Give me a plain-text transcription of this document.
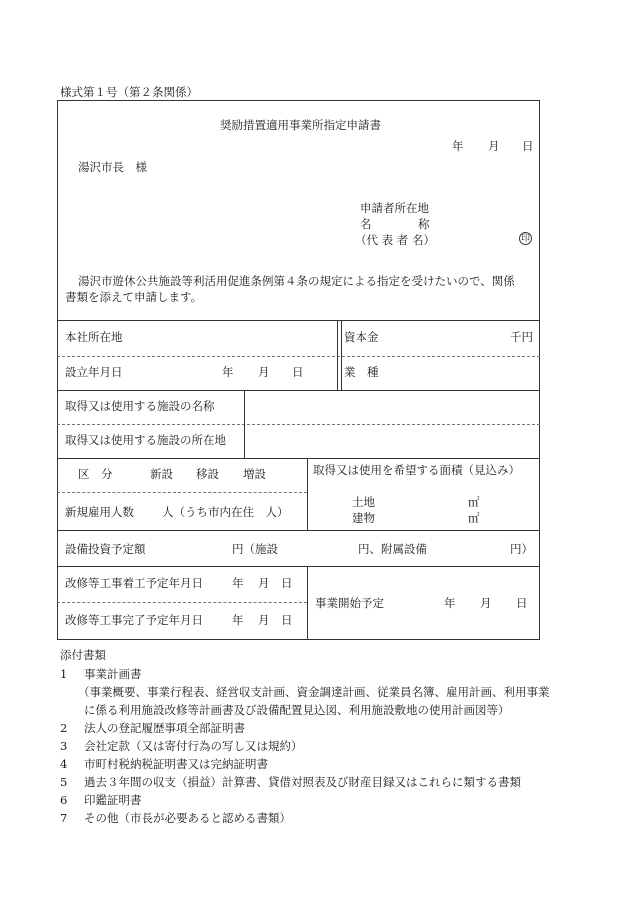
様式第１号（第２条関係）
奨励措置適用事業所指定申請書
年 月 日
湯沢市長　様
申請者所在地
名	称
（代 表 者 名）	印
湯沢市遊休公共施設等利活用促進条例第４条の規定による指定を受けたいので、関係
書類を添えて申請します。
本社所在地	資本金	千円
設立年月日	年 月 日	業　種
取得又は使用する施設の名称
取得又は使用する施設の所在地
区　分	新設 移設 増設	取得又は使用を希望する面積（見込み）
土地	㎡
建物	㎡
新規雇用人数 人（うち市内在住　人）
設備投資予定額	円（施設	円、附属設備	円）
改修等工事着工予定年月日	年 月 日
改修等工事完了予定年月日	年 月 日
事業開始予定	年 月 日
添付書類
1 事業計画書
（事業概要、事業行程表、経営収支計画、資金調達計画、従業員名簿、雇用計画、利用事業
に係る利用施設改修等計画書及び設備配置見込図、利用施設敷地の使用計画図等）
2 法人の登記履歴事項全部証明書
3 会社定款（又は寄付行為の写し又は規約）
4 市町村税納税証明書又は完納証明書
5 過去３年間の収支（損益）計算書、貸借対照表及び財産目録又はこれらに類する書類
6 印鑑証明書
7 その他（市長が必要あると認める書類）
